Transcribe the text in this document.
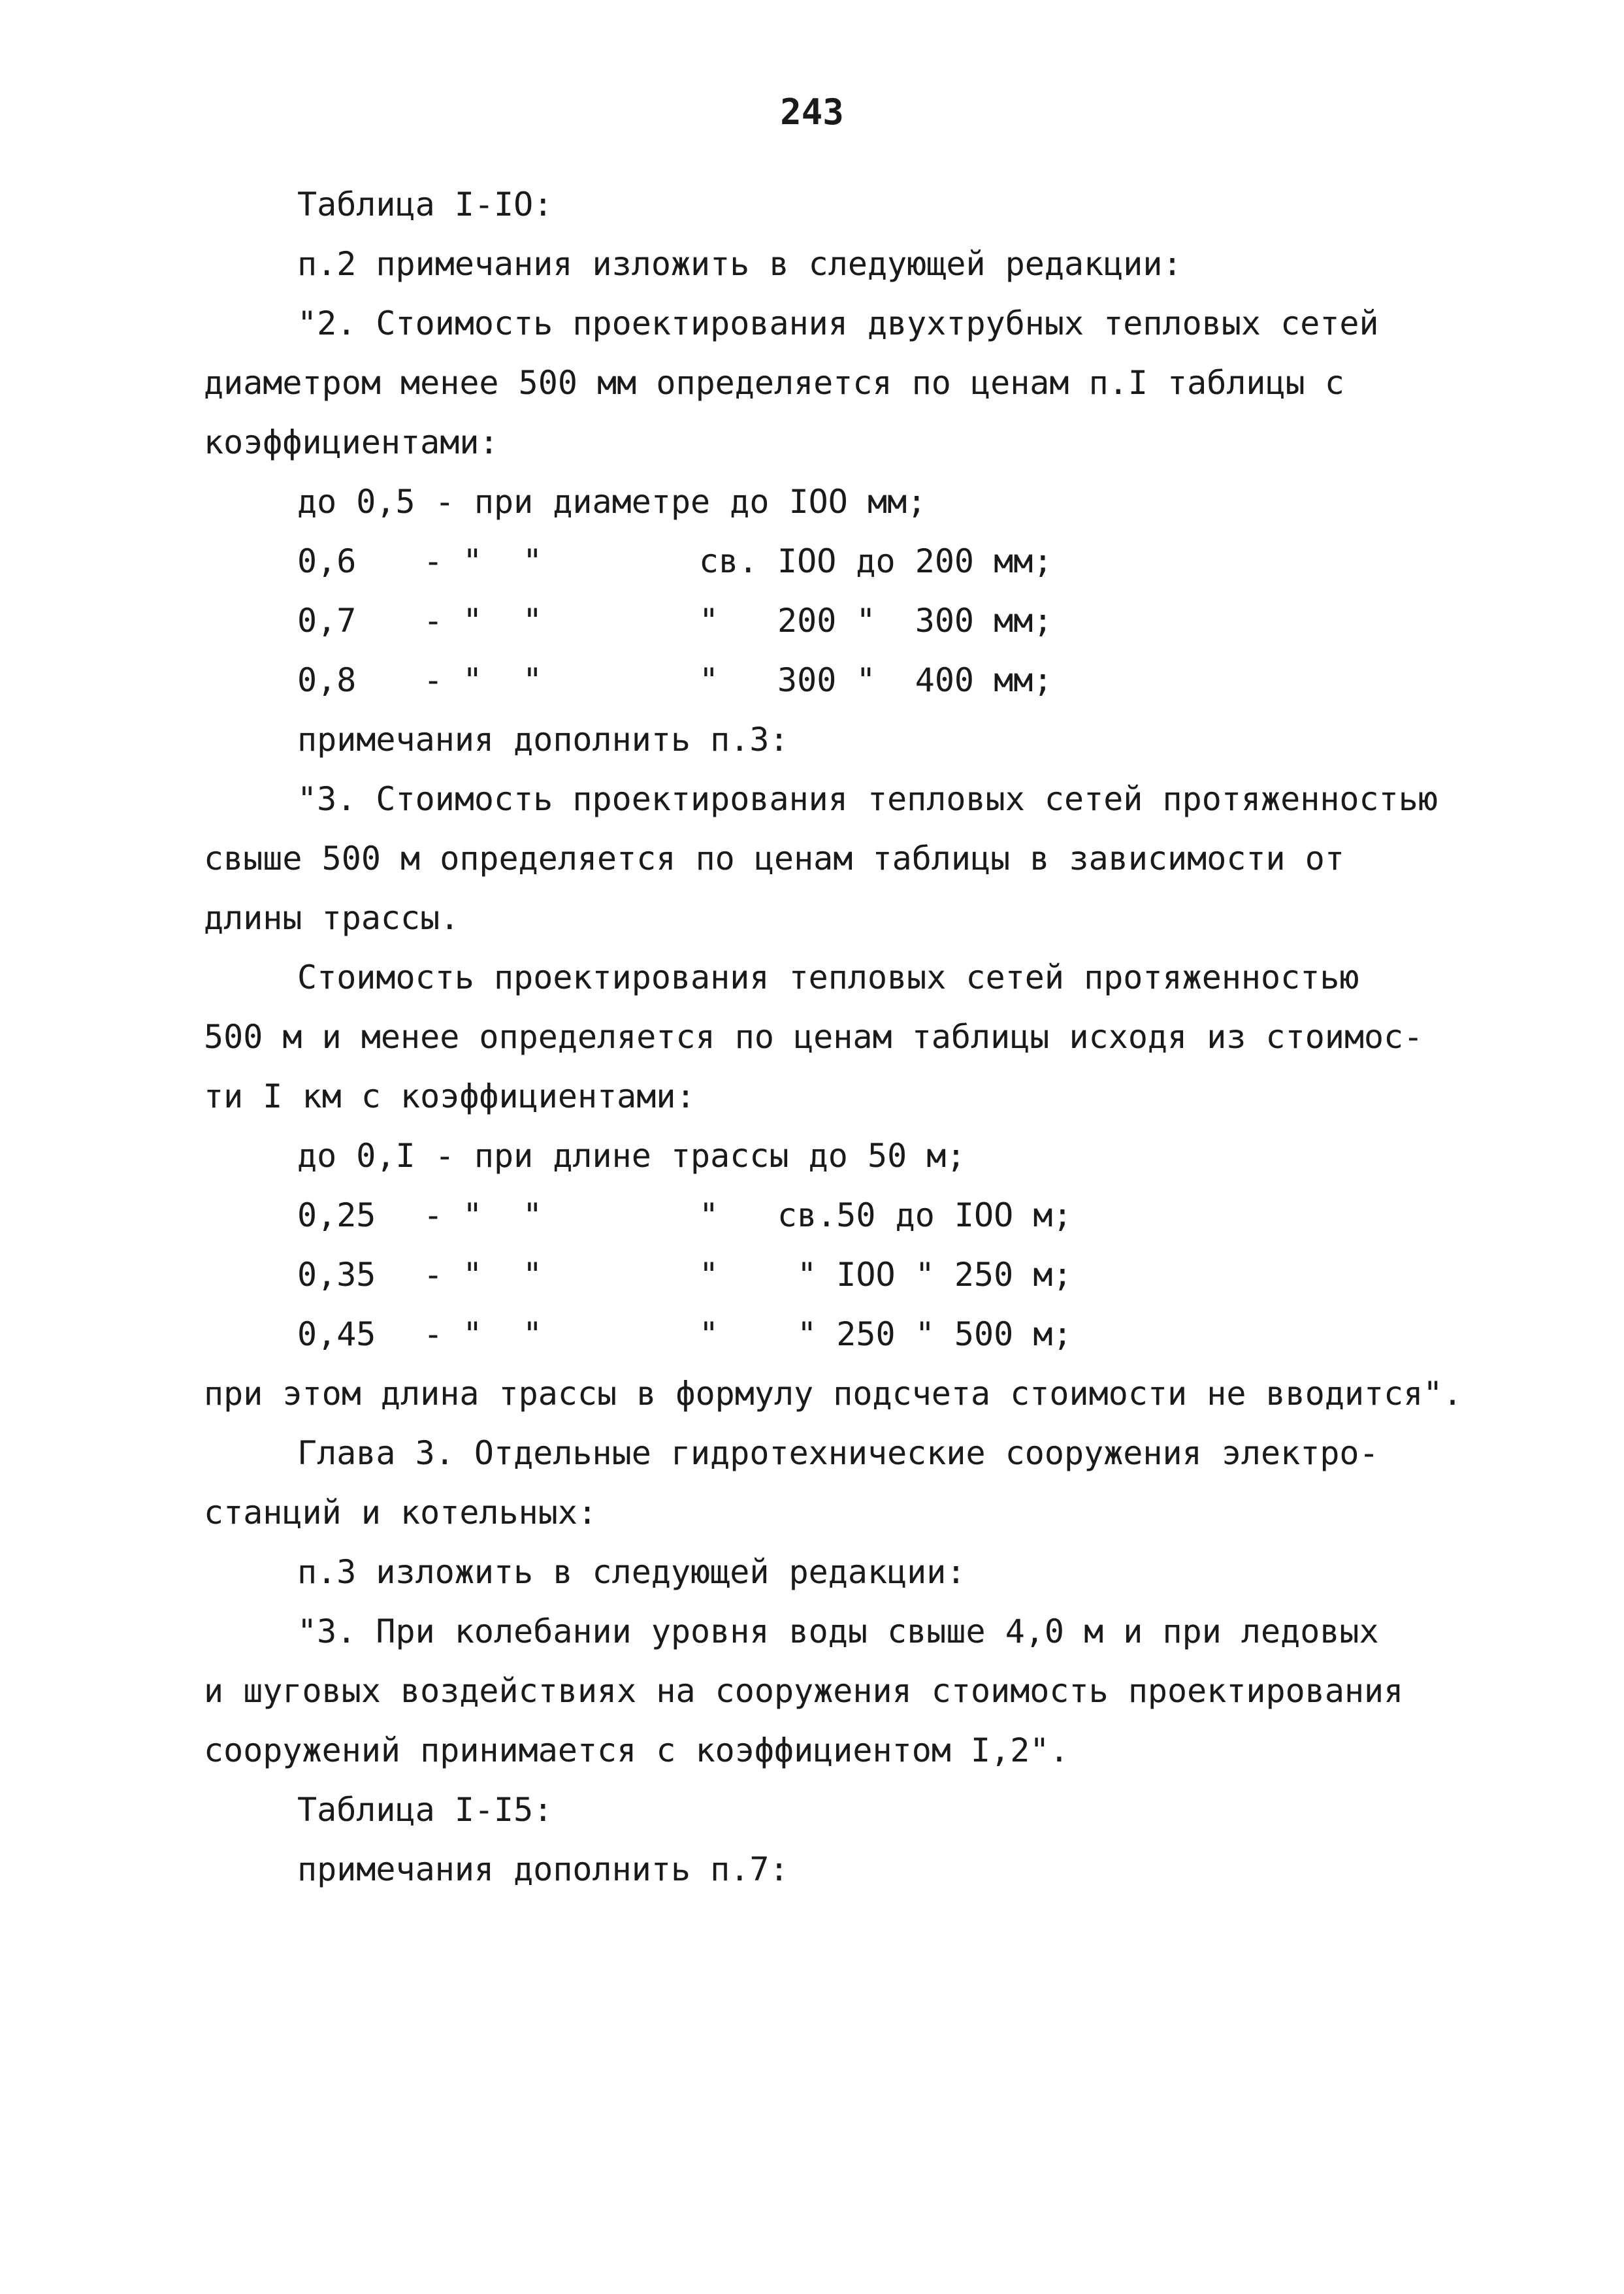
243
Таблица I-IO:
п.2 примечания изложить в следующей редакции:
"2. Стоимость проектирования двухтрубных тепловых сетей
диаметром менее 500 мм определяется по ценам п.I таблицы с
коэффициентами:
до 0,5 - при диаметре до IOO мм;
0,6 - " "	св. IOO до 200 мм;
0,7 - " "	" 200 "  300 мм;
0,8 - " "	" 300 "  400 мм;
примечания дополнить п.3:
"3. Стоимость проектирования тепловых сетей протяженностью
свыше 500 м определяется по ценам таблицы в зависимости от
длины трассы.
Стоимость проектирования тепловых сетей протяженностью
500 м и менее определяется по ценам таблицы исходя из стоимос-
ти I км с коэффициентами:
до 0,I - при длине трассы до 50 м;
0,25 - " "	" св.50 до IOO м;
0,35 - " "	" " IOO " 250 м;
0,45 - " "	" " 250 " 500 м;
при этом длина трассы в формулу подсчета стоимости не вводится".
Глава 3. Отдельные гидротехнические сооружения электро-
станций и котельных:
п.3 изложить в следующей редакции:
"3. При колебании уровня воды свыше 4,0 м и при ледовых
и шуговых воздействиях на сооружения стоимость проектирования
сооружений принимается с коэффициентом I,2".
Таблица I-I5:
примечания дополнить п.7:
